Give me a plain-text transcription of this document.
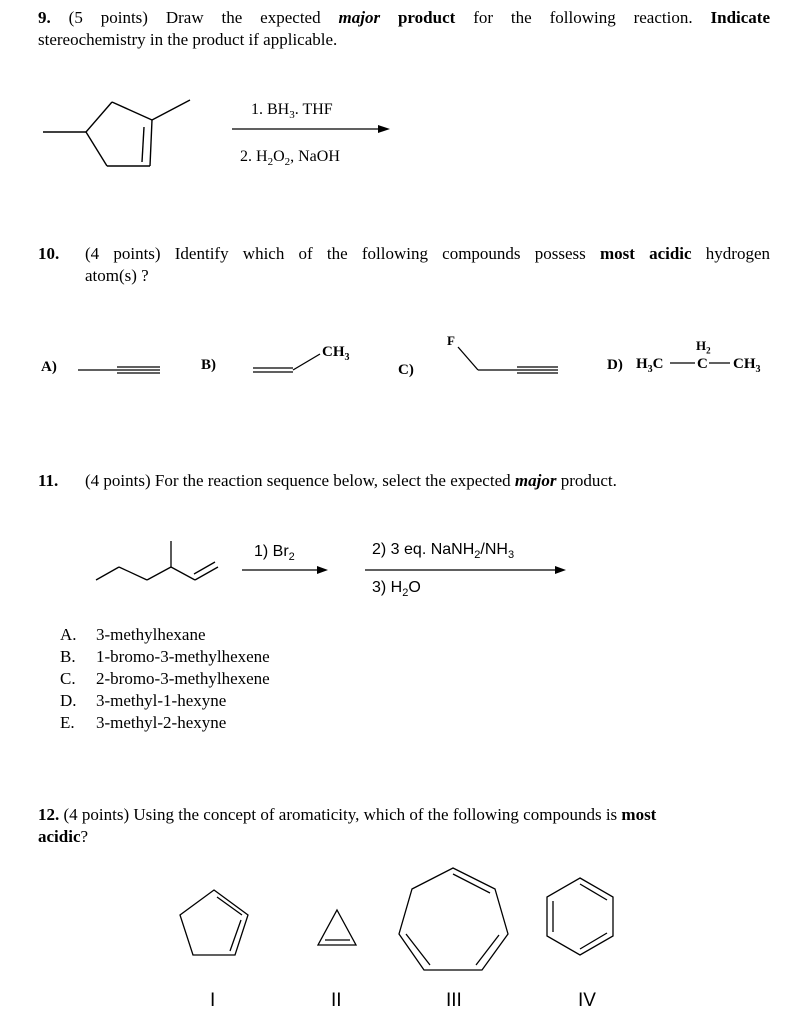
9. (5 points) Draw the expected major product for the following reaction. Indicate
stereochemistry in the product if applicable.
1. $BH_3$. THF
2. $H_2O_2$, NaOH
10. (4 points) Identify which of the following compounds possess most acidic hydrogen
atom(s) ?
A)	B)	C)	D)
$CH_3$
F
$H_3C$
$H_2$
C $CH_3$
11. (4 points) For the reaction sequence below, select the expected major product.
1) $Br_2$	2) 3 eq. $NaNH_2/NH_3$
3) $H_2O$
A. 3-methylhexane
B. 1-bromo-3-methylhexene
C. 2-bromo-3-methylhexene
D. 3-methyl-1-hexyne
E. 3-methyl-2-hexyne
12. (4 points) Using the concept of aromaticity, which of the following compounds is most
acidic?
I	II	III	IV
